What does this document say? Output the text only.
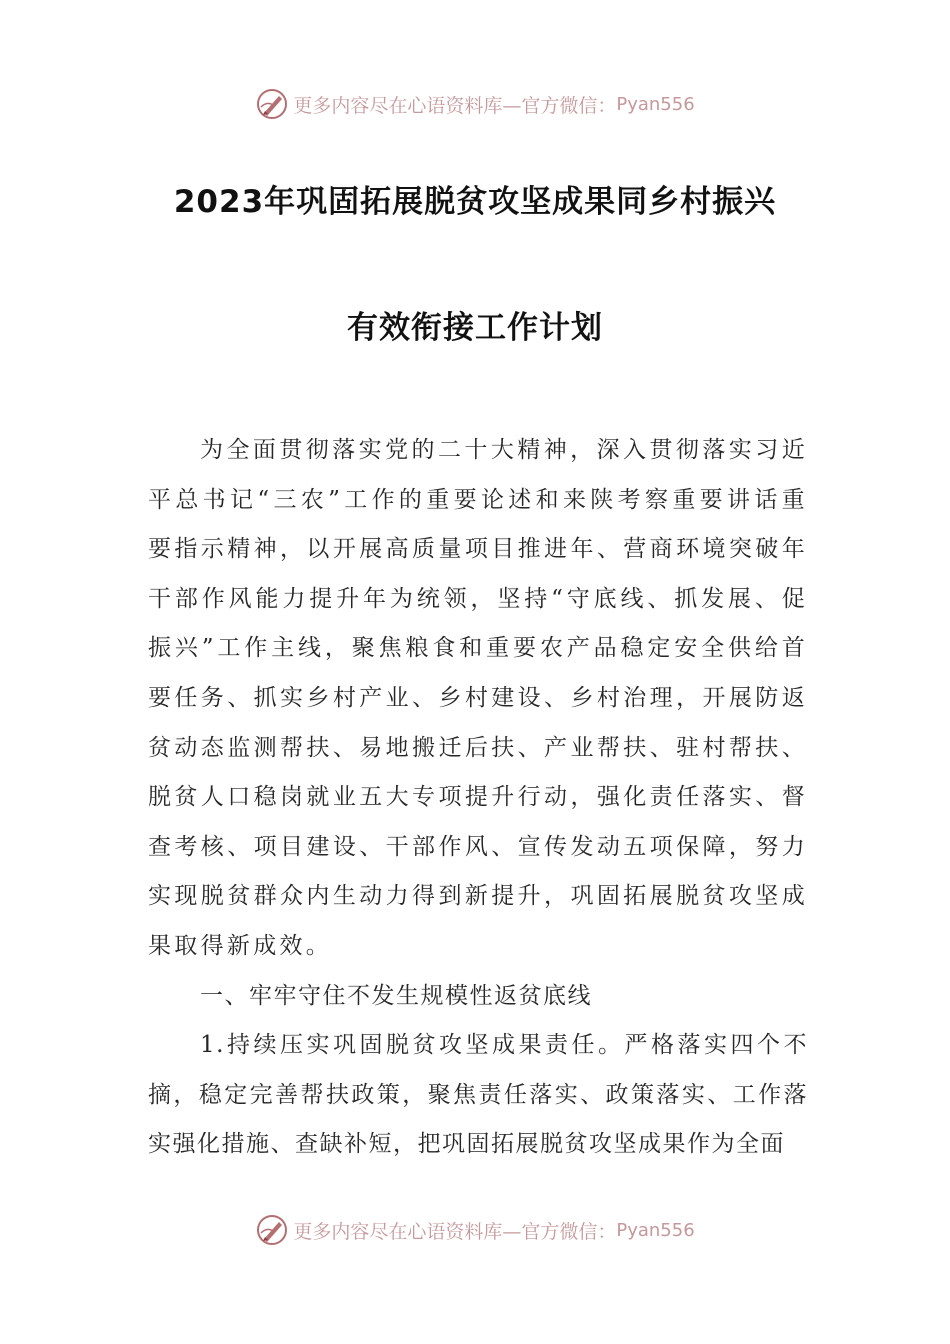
更多内容尽在心语资料库—官方微信： Pyan556
2023年巩固拓展脱贫攻坚成果同乡村振兴
有效衔接工作计划

为全面贯彻落实党的二十大精神，深入贯彻落实习近平总书记“三农”工作的重要论述和来陕考察重要讲话重要指示精神，以开展高质量项目推进年、营商环境突破年干部作风能力提升年为统领，坚持“守底线、抓发展、促振兴”工作主线，聚焦粮食和重要农产品稳定安全供给首要任务、抓实乡村产业、乡村建设、乡村治理，开展防返贫动态监测帮扶、易地搬迁后扶、产业帮扶、驻村帮扶、脱贫人口稳岗就业五大专项提升行动，强化责任落实、督查考核、项目建设、干部作风、宣传发动五项保障，努力实现脱贫群众内生动力得到新提升，巩固拓展脱贫攻坚成果取得新成效。

一、牢牢守住不发生规模性返贫底线

1.持续压实巩固脱贫攻坚成果责任。严格落实四个不摘，稳定完善帮扶政策，聚焦责任落实、政策落实、工作落实强化措施、查缺补短，把巩固拓展脱贫攻坚成果作为全面

更多内容尽在心语资料库—官方微信： Pyan556
